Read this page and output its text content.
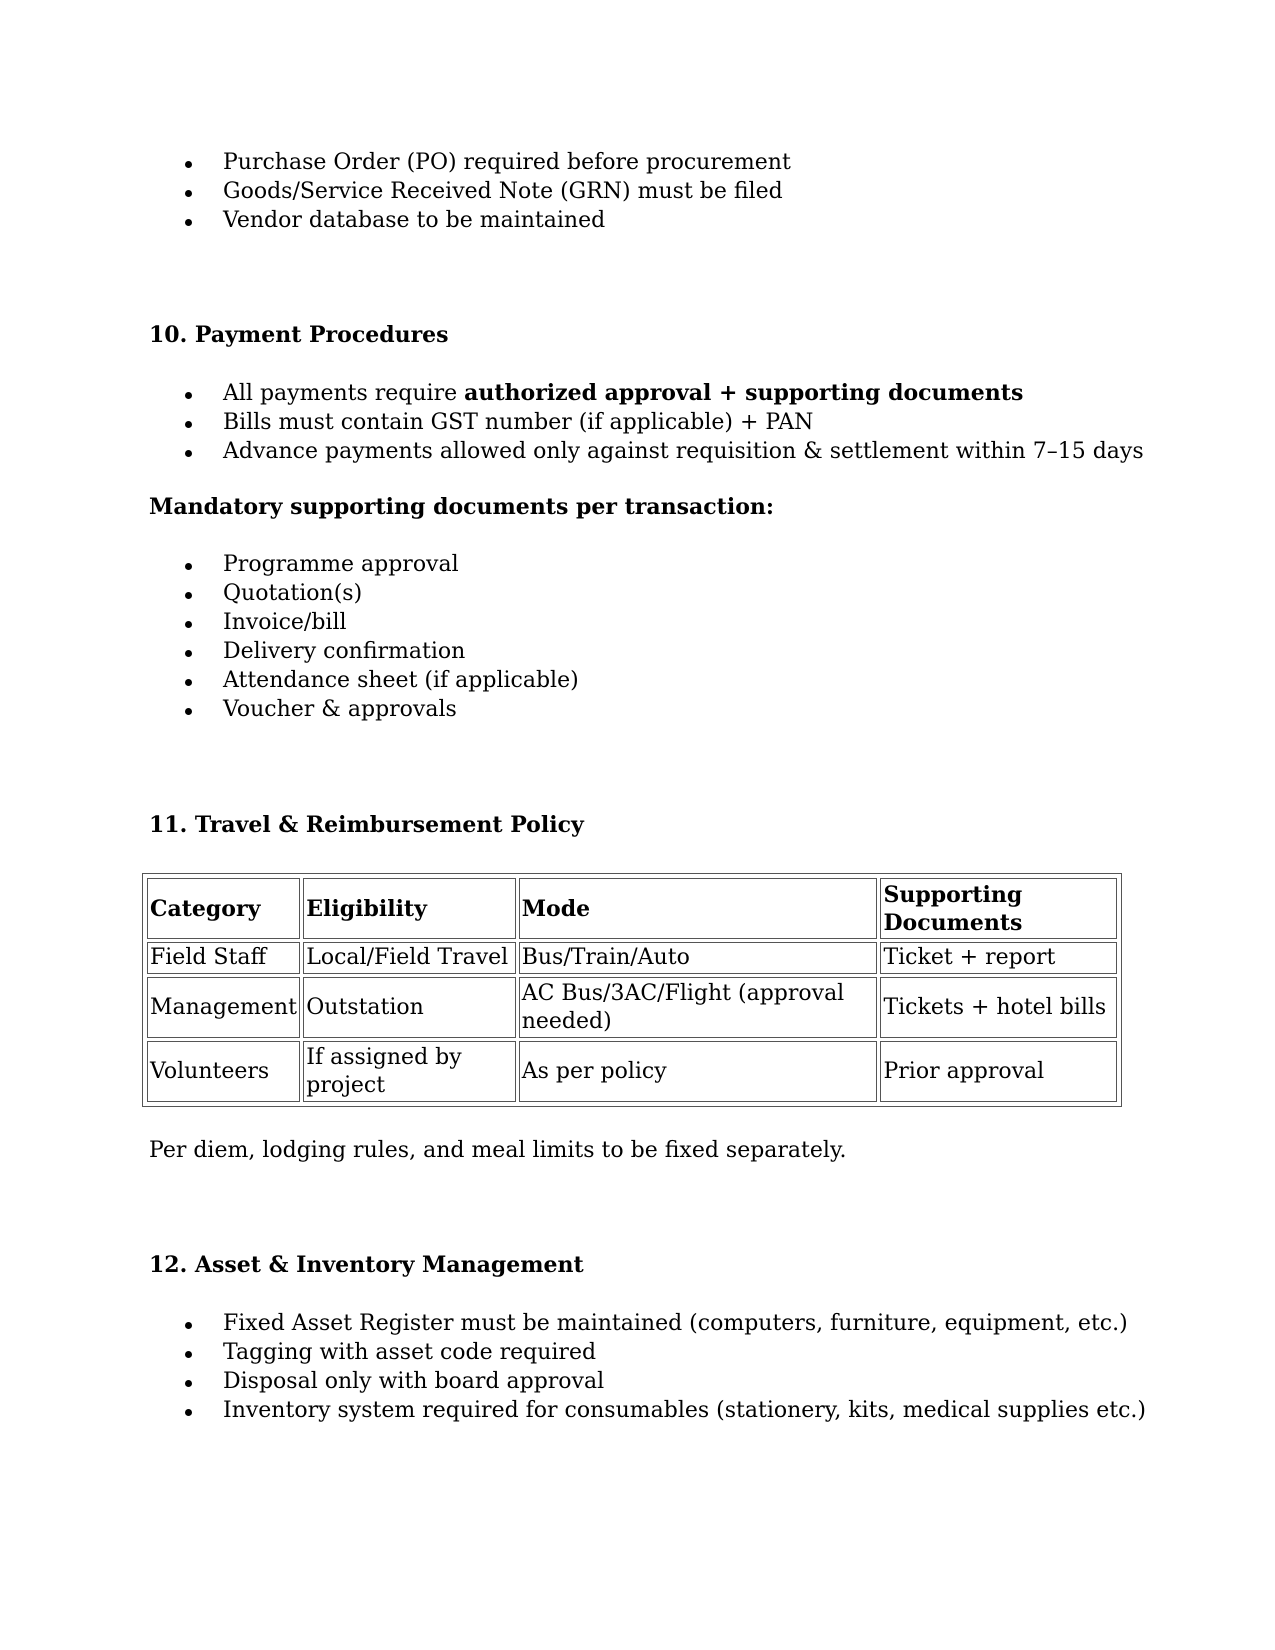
Purchase Order (PO) required before procurement
Goods/Service Received Note (GRN) must be filed
Vendor database to be maintained
10. Payment Procedures
All payments require authorized approval + supporting documents
Bills must contain GST number (if applicable) + PAN
Advance payments allowed only against requisition & settlement within 7–15 days
Mandatory supporting documents per transaction:
Programme approval
Quotation(s)
Invoice/bill
Delivery confirmation
Attendance sheet (if applicable)
Voucher & approvals
11. Travel & Reimbursement Policy
Category	Eligibility	Mode	Supporting Documents
Field Staff	Local/Field Travel	Bus/Train/Auto	Ticket + report
Management	Outstation	AC Bus/3AC/Flight (approval needed)	Tickets + hotel bills
Volunteers	If assigned by project	As per policy	Prior approval
Per diem, lodging rules, and meal limits to be fixed separately.
12. Asset & Inventory Management
Fixed Asset Register must be maintained (computers, furniture, equipment, etc.)
Tagging with asset code required
Disposal only with board approval
Inventory system required for consumables (stationery, kits, medical supplies etc.)
